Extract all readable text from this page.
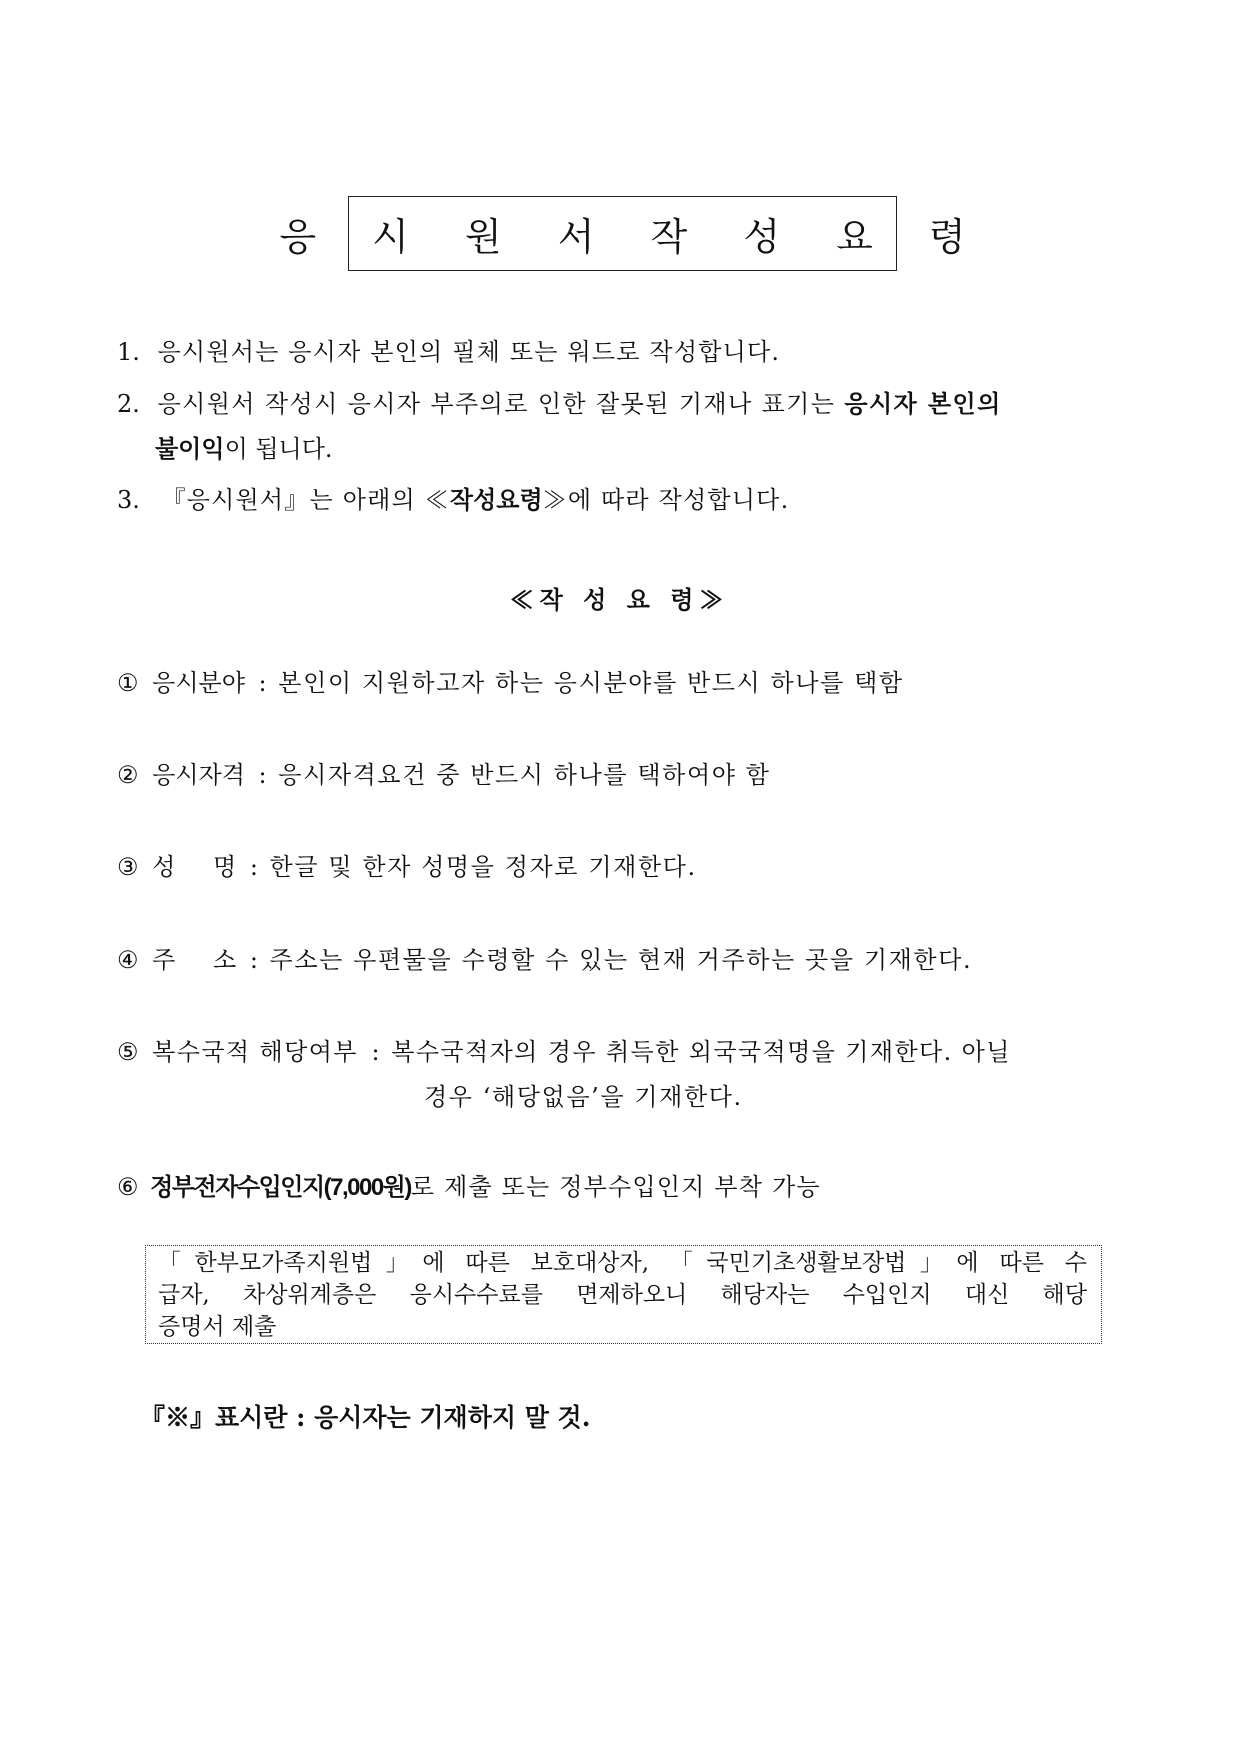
응 시 원 서 작 성 요 령
1. 응시원서는 응시자 본인의 필체 또는 워드로 작성합니다.
2. 응시원서 작성시 응시자 부주의로 인한 잘못된 기재나 표기는 응시자 본인의
불이익이 됩니다.
3. 『응시원서』는 아래의 ≪작성요령≫에 따라 작성합니다.
≪작 성 요 령≫
① 응시분야 : 본인이 지원하고자 하는 응시분야를 반드시 하나를 택함
② 응시자격 : 응시자격요건 중 반드시 하나를 택하여야 함
③ 성 명 : 한글 및 한자 성명을 정자로 기재한다.
④ 주 소 : 주소는 우편물을 수령할 수 있는 현재 거주하는 곳을 기재한다.
⑤ 복수국적 해당여부 : 복수국적자의 경우 취득한 외국국적명을 기재한다. 아닐
경우 ‘해당없음’을 기재한다.
⑥ 정부전자수입인지(7,000원)로 제출 또는 정부수입인지 부착 가능
「한부모가족지원법」에 따른 보호대상자, 「국민기초생활보장법」에 따른 수
급자, 차상위계층은 응시수수료를 면제하오니 해당자는 수입인지 대신 해당
증명서 제출
『※』표시란 : 응시자는 기재하지 말 것.
